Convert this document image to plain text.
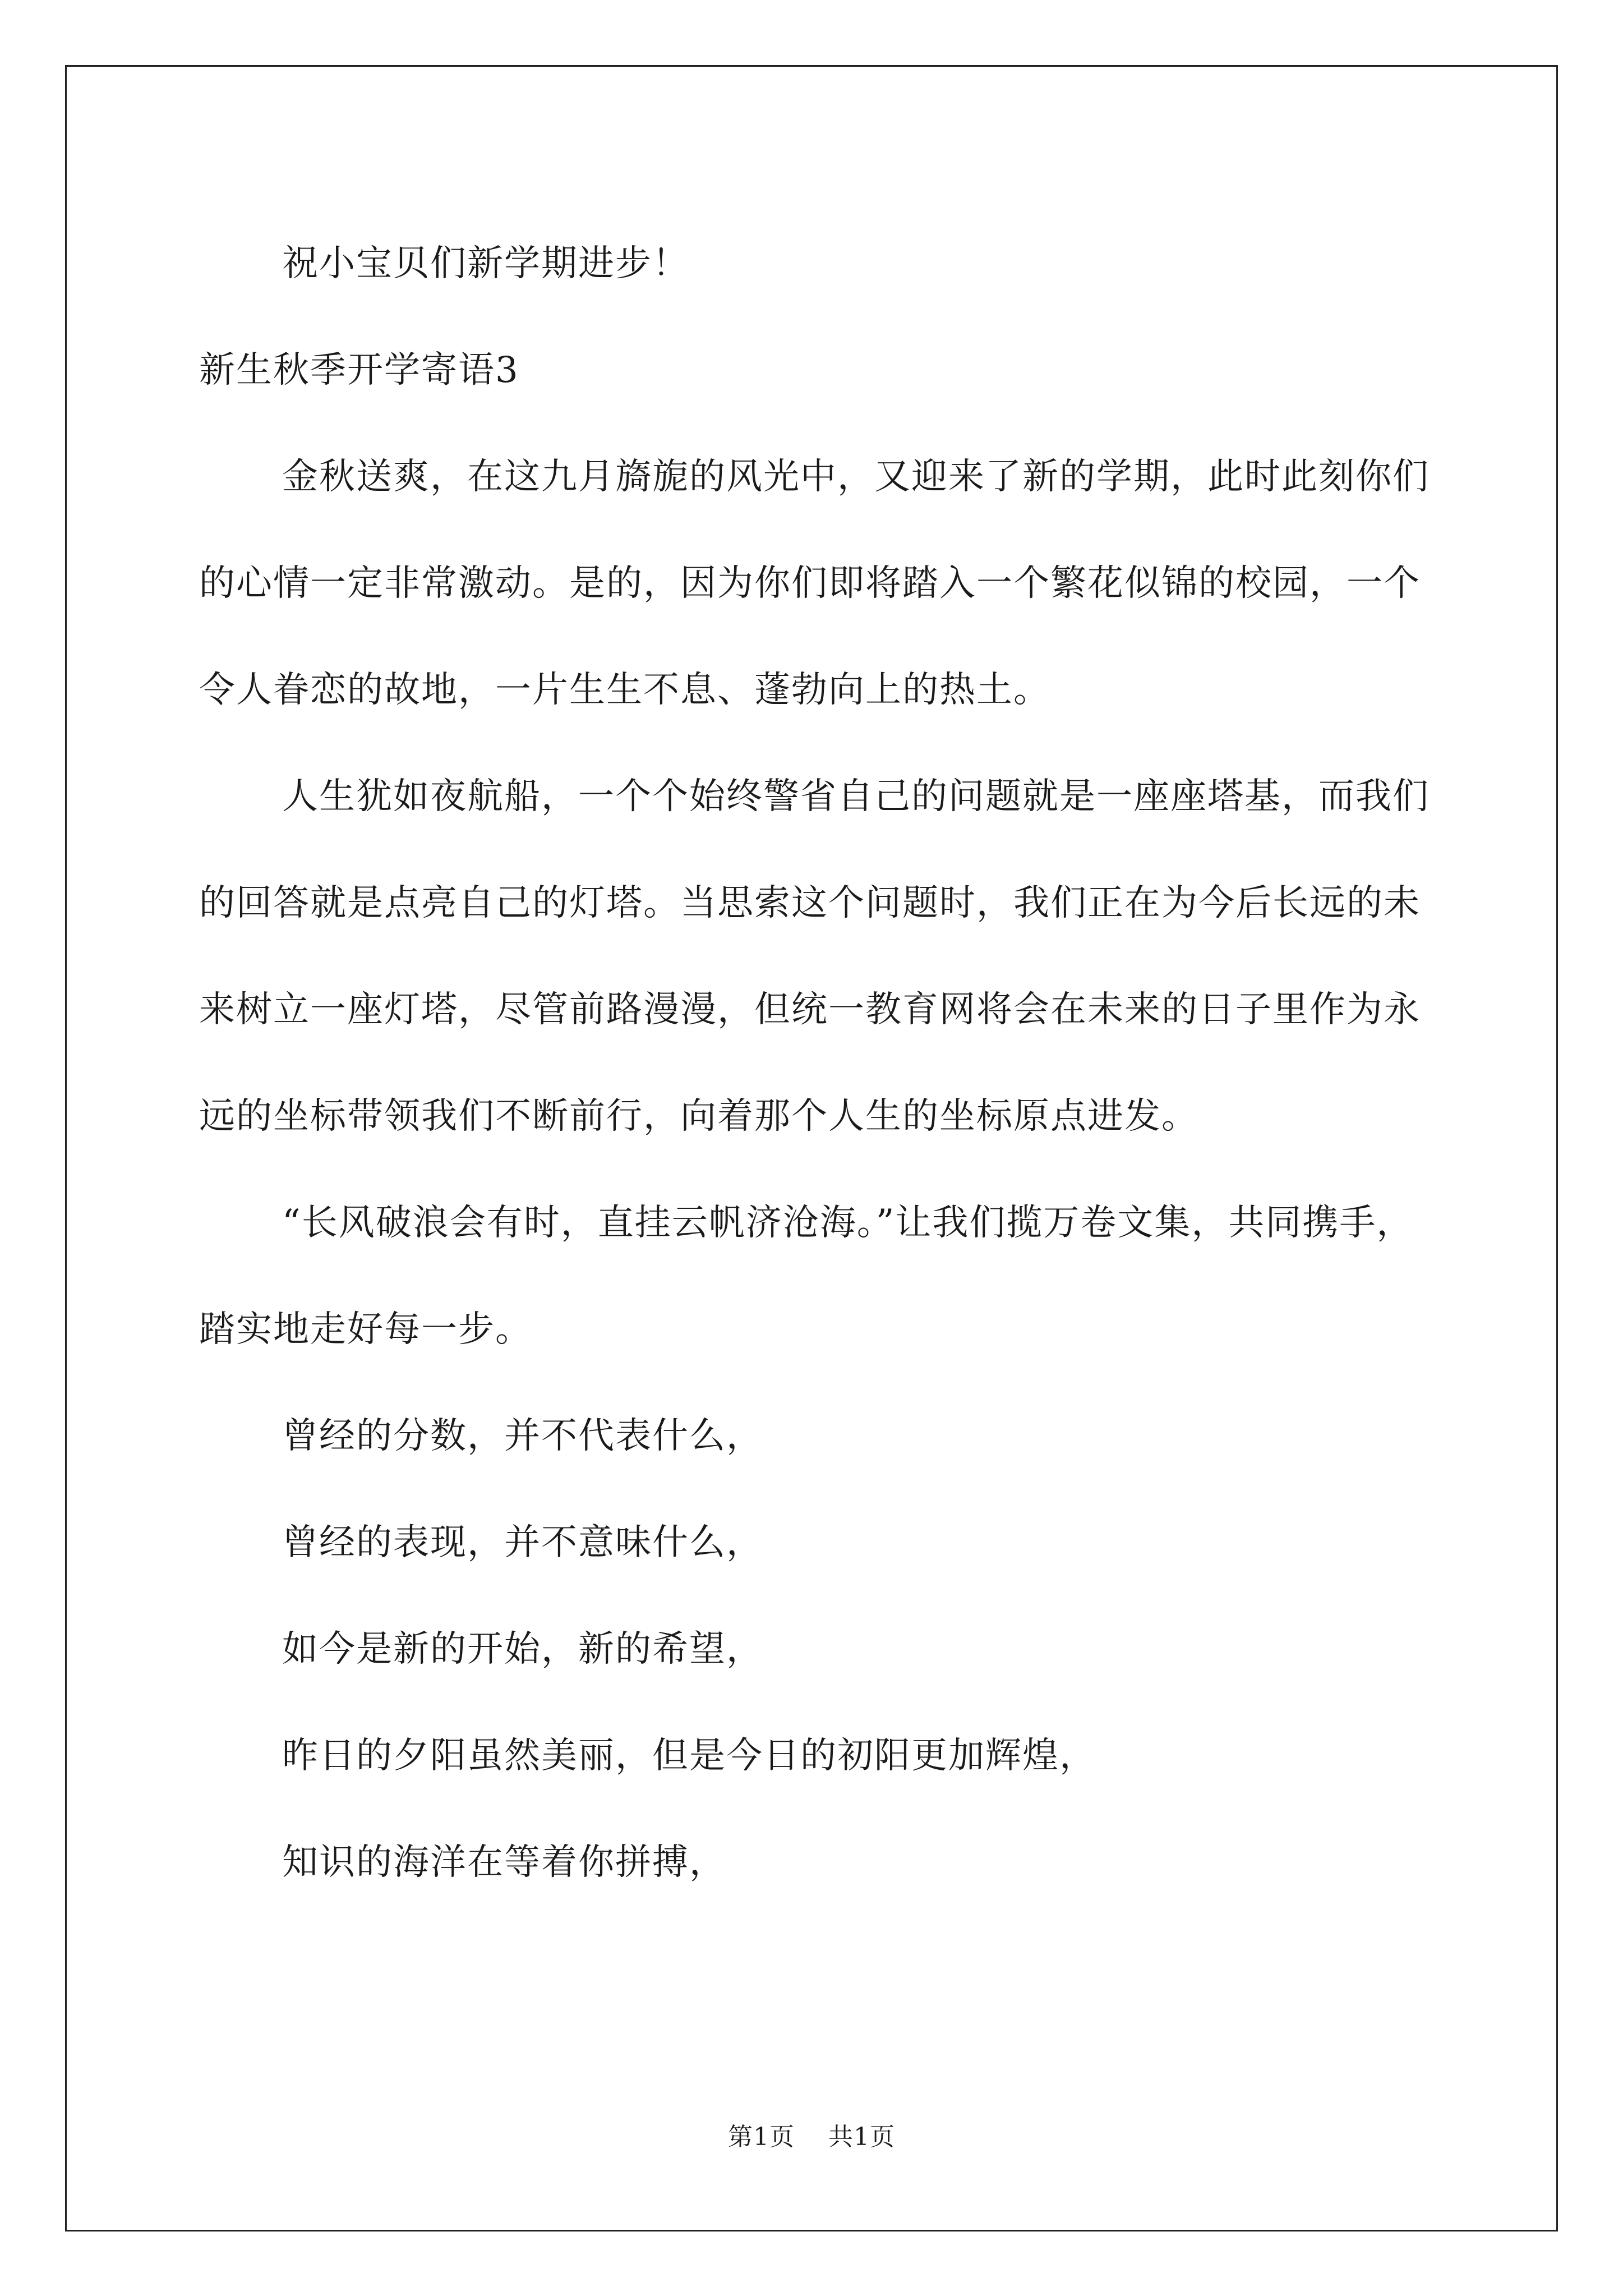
祝小宝贝们新学期进步！

新生秋季开学寄语3

金秋送爽，在这九月旖旎的风光中，又迎来了新的学期，此时此刻你们的心情一定非常激动。是的，因为你们即将踏入一个繁花似锦的校园，一个令人眷恋的故地，一片生生不息、蓬勃向上的热土。

人生犹如夜航船，一个个始终警省自己的问题就是一座座塔基，而我们的回答就是点亮自己的灯塔。当思索这个问题时，我们正在为今后长远的未来树立一座灯塔，尽管前路漫漫，但统一教育网将会在未来的日子里作为永远的坐标带领我们不断前行，向着那个人生的坐标原点进发。

“长风破浪会有时，直挂云帆济沧海。”让我们揽万卷文集，共同携手，踏实地走好每一步。

曾经的分数，并不代表什么，

曾经的表现，并不意味什么，

如今是新的开始，新的希望，

昨日的夕阳虽然美丽，但是今日的初阳更加辉煌，

知识的海洋在等着你拼搏，

第1页 共1页
